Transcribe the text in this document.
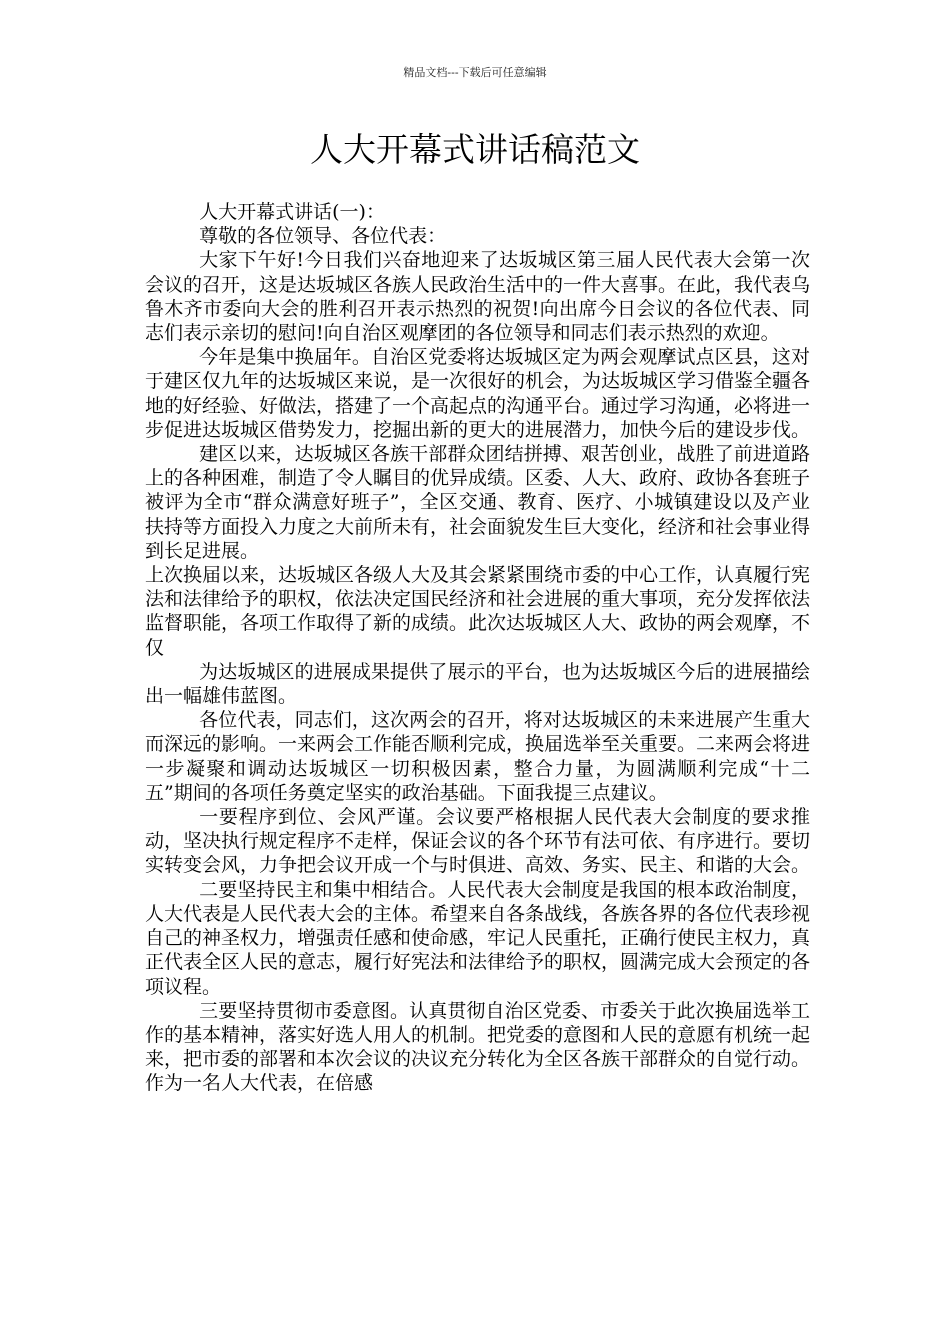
精品文档---下载后可任意编辑
人大开幕式讲话稿范文

人大开幕式讲话(一)：

尊敬的各位领导、各位代表：

大家下午好!今日我们兴奋地迎来了达坂城区第三届人民代表大会第一次会议的召开，这是达坂城区各族人民政治生活中的一件大喜事。在此，我代表乌鲁木齐市委向大会的胜利召开表示热烈的祝贺!向出席今日会议的各位代表、同志们表示亲切的慰问!向自治区观摩团的各位领导和同志们表示热烈的欢迎。

今年是集中换届年。自治区党委将达坂城区定为两会观摩试点区县，这对于建区仅九年的达坂城区来说，是一次很好的机会，为达坂城区学习借鉴全疆各地的好经验、好做法，搭建了一个高起点的沟通平台。通过学习沟通，必将进一步促进达坂城区借势发力，挖掘出新的更大的进展潜力，加快今后的建设步伐。

建区以来，达坂城区各族干部群众团结拼搏、艰苦创业，战胜了前进道路上的各种困难，制造了令人瞩目的优异成绩。区委、人大、政府、政协各套班子被评为全市“群众满意好班子”，全区交通、教育、医疗、小城镇建设以及产业扶持等方面投入力度之大前所未有，社会面貌发生巨大变化，经济和社会事业得到长足进展。

上次换届以来，达坂城区各级人大及其会紧紧围绕市委的中心工作，认真履行宪法和法律给予的职权，依法决定国民经济和社会进展的重大事项，充分发挥依法监督职能，各项工作取得了新的成绩。此次达坂城区人大、政协的两会观摩，不仅

为达坂城区的进展成果提供了展示的平台，也为达坂城区今后的进展描绘出一幅雄伟蓝图。

各位代表，同志们，这次两会的召开，将对达坂城区的未来进展产生重大而深远的影响。一来两会工作能否顺利完成，换届选举至关重要。二来两会将进一步凝聚和调动达坂城区一切积极因素，整合力量，为圆满顺利完成“十二五”期间的各项任务奠定坚实的政治基础。下面我提三点建议。

一要程序到位、会风严谨。会议要严格根据人民代表大会制度的要求推动，坚决执行规定程序不走样，保证会议的各个环节有法可依、有序进行。要切实转变会风，力争把会议开成一个与时俱进、高效、务实、民主、和谐的大会。

二要坚持民主和集中相结合。人民代表大会制度是我国的根本政治制度，人大代表是人民代表大会的主体。希望来自各条战线，各族各界的各位代表珍视自己的神圣权力，增强责任感和使命感，牢记人民重托，正确行使民主权力，真正代表全区人民的意志，履行好宪法和法律给予的职权，圆满完成大会预定的各项议程。

三要坚持贯彻市委意图。认真贯彻自治区党委、市委关于此次换届选举工作的基本精神，落实好选人用人的机制。把党委的意图和人民的意愿有机统一起来，把市委的部署和本次会议的决议充分转化为全区各族干部群众的自觉行动。作为一名人大代表，在倍感
